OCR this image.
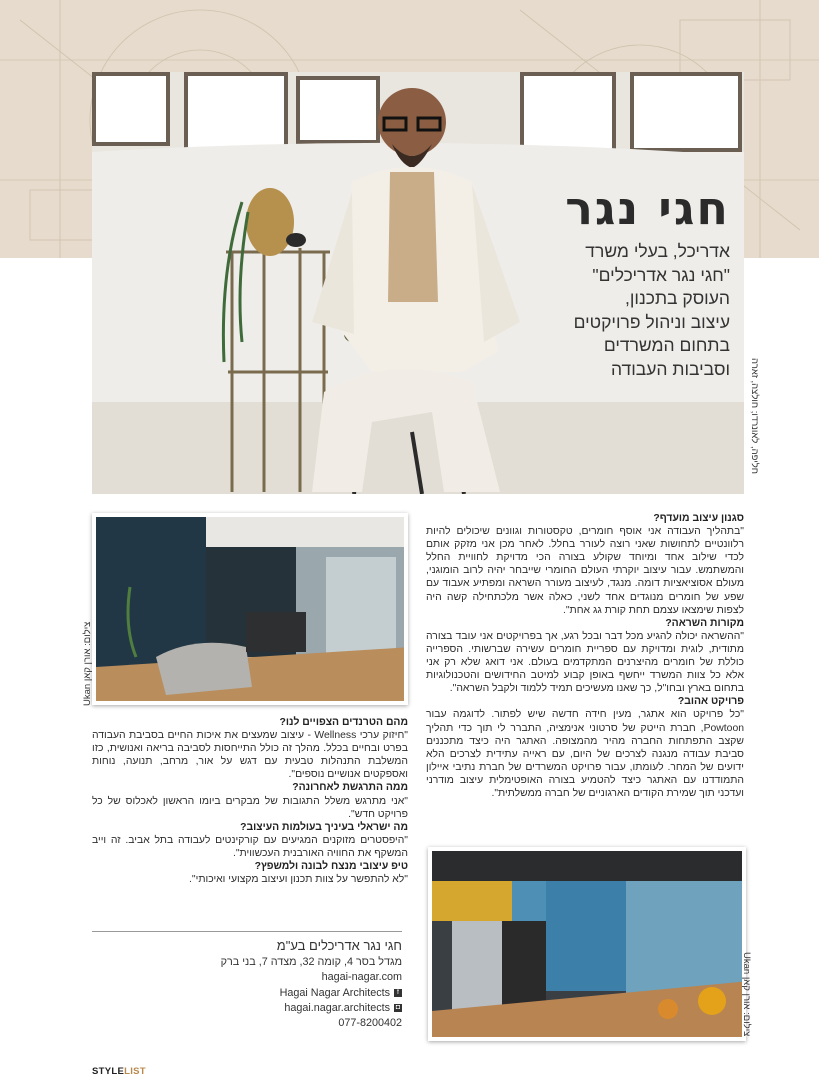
חגי נגר
אדריכל, בעלי משרד
"חגי נגר אדריכלים"
העוסק בתכנון,
עיצוב וניהול פרויקטים
בתחום המשרדים
וסביבות העבודה חליפה, לאונרדו; חולצה, זארה
צילום: אורן קאן Ukan

סגנון עיצוב מועדף?
"בתהליך העבודה אני אוסף חומרים, טקסטורות וגוונים שיכולים להיות רלוונטיים לתחושות שאני רוצה לעורר בחלל. לאחר מכן אני מזקק אותם לכדי שילוב אחד ומיוחד שקולע בצורה הכי מדויקת לחוויית החלל והמשתמש. עבור עיצוב יוקרתי העולם החומרי שייבחר יהיה לרוב הומוגני, מעולם אסוציאציות דומה. מנגד, לעיצוב מעורר השראה ומפתיע אעבוד עם שפע של חומרים מנוגדים אחד לשני, כאלה אשר מלכתחילה קשה היה לצפות שימצאו עצמם תחת קורת גג אחת".

מקורות השראה?
"ההשראה יכולה להגיע מכל דבר ובכל רגע, אך בפרויקטים אני עובד בצורה מתודית, לוגית ומדויקת עם ספריית חומרים עשירה שברשותי. הספרייה כוללת של חומרים מהיצרנים המתקדמים בעולם. אני דואג שלא רק אני אלא כל צוות המשרד ייחשף באופן קבוע למיטב החידושים והטכנולוגיות בתחום בארץ ובחו"ל, כך שאנו מעשיכים תמיד ללמוד ולקבל השראה".

פרויקט אהוב?
"כל פרויקט הוא אתגר, מעין חידה חדשה שיש לפתור. לדוגמה עבור Powtoon, חברת הייטק של סרטוני אנימציה, התברר לי תוך כדי תהליך שקצב התפתחות החברה מהיר מהמצופה. האתגר היה כיצד מתכננים סביבת עבודה מנגנה לצרכים של היום, עם ראייה עתידית לצרכים הלא ידועים של המחר. לעומתו, עבור פרויקט המשרדים של חברת נתיבי איילון התמודדנו עם האתגר כיצד להטמיע בצורה האופטימלית עיצוב מודרני ועדכני תוך שמירת הקודים הארגוניים של חברה ממשלתית".

מהם הטרנדים הצפויים לנו?
"חיזוק ערכי Wellness - עיצוב שמעצים את איכות החיים בסביבת העבודה בפרט ובחיים בכלל. מהלך זה כולל התייחסות לסביבה בריאה ואנושית, כזו המשלבת התנהלות טבעית עם דגש על אור, מרחב, תנועה, נוחות ואספקטים אנושיים נוספים".

ממה התרגשת לאחרונה?
"אני מתרגש משלל התגובות של מבקרים ביומו הראשון לאכלוס של כל פרויקט חדש".

מה ישראלי בעיניך בעולמות העיצוב?
"היפסטרים מזוקנים המגיעים עם קורקינטים לעבודה בתל אביב. זה וייב המשקף את החוויה האורבנית העכשווית".

טיפ עיצובי מנצח לבונה ולמשפץ?
"לא להתפשר על צוות תכנון ועיצוב מקצועי ואיכותי".

צילום: אורן קאן Ukan
חגי נגר אדריכלים בע"מ
מגדל בסר 4, קומה 32, מצדה 7, בני ברק
hagai-nagar.com
fHagai Nagar Architects
◘hagai.nagar.architects
077-8200402
STYLELIST
